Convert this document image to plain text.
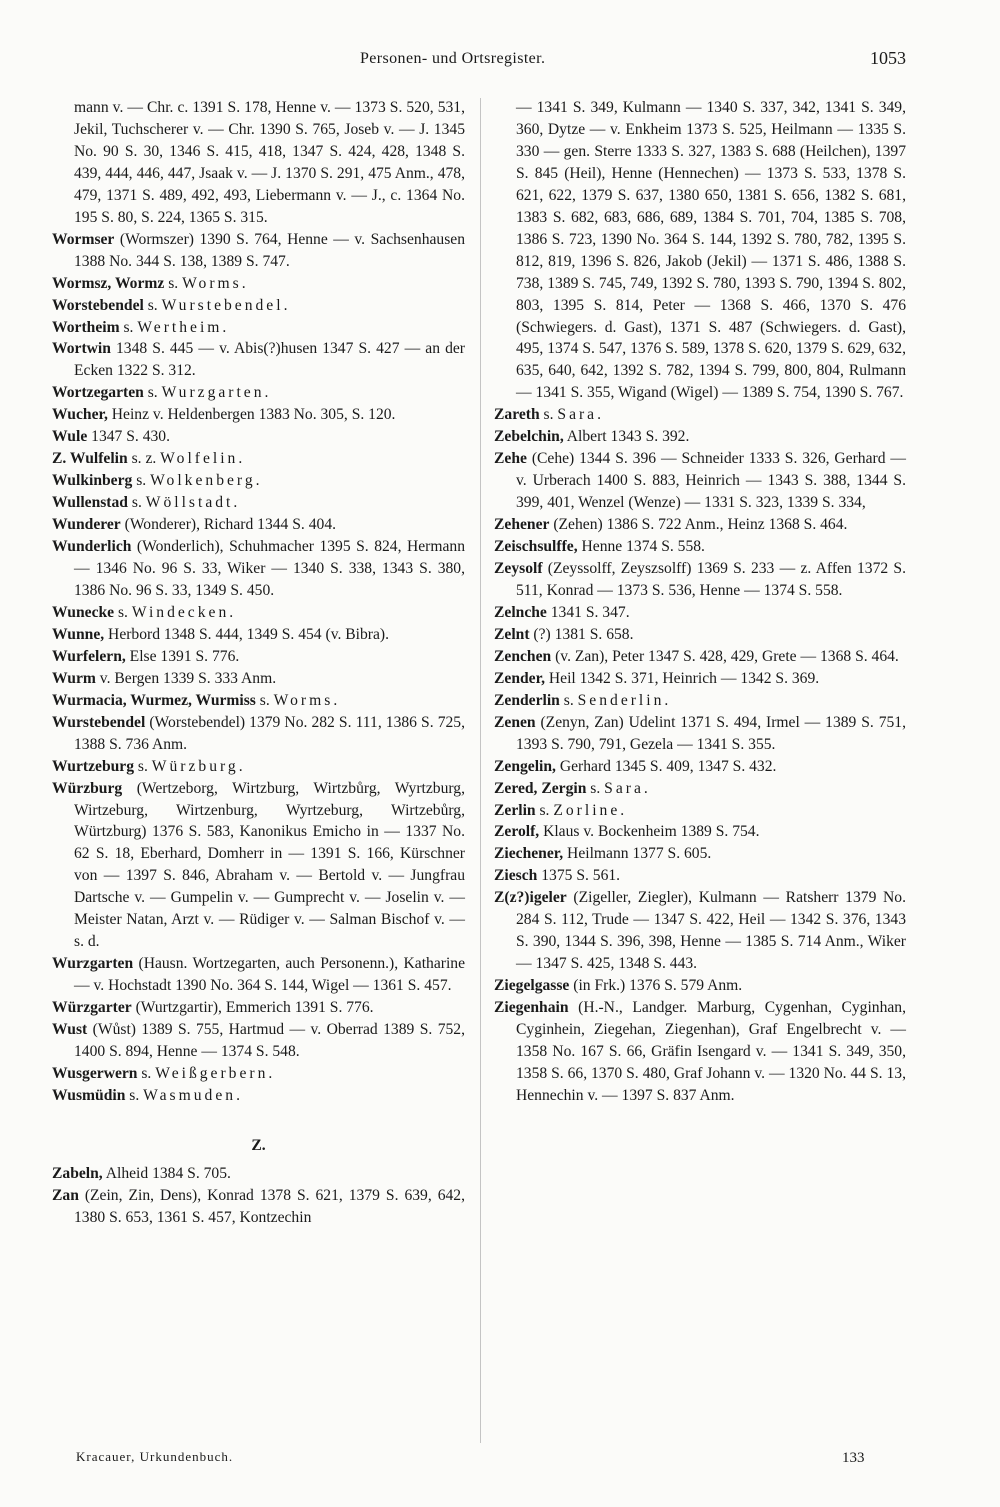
Personen- und Ortsregister.	1053

mann v. — Chr. c. 1391 S. 178, Henne v. — 1373 S. 520, 531, Jekil, Tuchscherer v. — Chr. 1390 S. 765, Joseb v. — J. 1345 No. 90 S. 30, 1346 S. 415, 418, 1347 S. 424, 428, 1348 S. 439, 444, 446, 447, Jsaak v. — J. 1370 S. 291, 475 Anm., 478, 479, 1371 S. 489, 492, 493, Liebermann v. — J., c. 1364 No. 195 S. 80, S. 224, 1365 S. 315.

Wormser (Wormszer) 1390 S. 764, Henne — v. Sachsenhausen 1388 No. 344 S. 138, 1389 S. 747.

Wormsz, Wormz s. Worms.

Worstebendel s. Wurstebendel.

Wortheim s. Wertheim.

Wortwin 1348 S. 445 — v. Abis(?)husen 1347 S. 427 — an der Ecken 1322 S. 312.

Wortzegarten s. Wurzgarten.

Wucher, Heinz v. Heldenbergen 1383 No. 305, S. 120.

Wule 1347 S. 430.

Z. Wulfelin s. z. Wolfelin.

Wulkinberg s. Wolkenberg.

Wullenstad s. Wöllstadt.

Wunderer (Wonderer), Richard 1344 S. 404.

Wunderlich (Wonderlich), Schuhmacher 1395 S. 824, Hermann — 1346 No. 96 S. 33, Wiker — 1340 S. 338, 1343 S. 380, 1386 No. 96 S. 33, 1349 S. 450.

Wunecke s. Windecken.

Wunne, Herbord 1348 S. 444, 1349 S. 454 (v. Bibra).

Wurfelern, Else 1391 S. 776.

Wurm v. Bergen 1339 S. 333 Anm.

Wurmacia, Wurmez, Wurmiss s. Worms.

Wurstebendel (Worstebendel) 1379 No. 282 S. 111, 1386 S. 725, 1388 S. 736 Anm.

Wurtzeburg s. Würzburg.

Würzburg (Wertzeborg, Wirtzburg, Wirtzbůrg, Wyrtzburg, Wirtzeburg, Wirtzenburg, Wyrtzeburg, Wirtzebůrg, Würtzburg) 1376 S. 583, Kanonikus Emicho in — 1337 No. 62 S. 18, Eberhard, Domherr in — 1391 S. 166, Kürschner von — 1397 S. 846, Abraham v. — Bertold v. — Jungfrau Dartsche v. — Gumpelin v. — Gumprecht v. — Joselin v. — Meister Natan, Arzt v. — Rüdiger v. — Salman Bischof v. — s. d.

Wurzgarten (Hausn. Wortzegarten, auch Personenn.), Katharine — v. Hochstadt 1390 No. 364 S. 144, Wigel — 1361 S. 457.

Würzgarter (Wurtzgartir), Emmerich 1391 S. 776.

Wust (Wůst) 1389 S. 755, Hartmud — v. Oberrad 1389 S. 752, 1400 S. 894, Henne — 1374 S. 548.

Wusgerwern s. Weißgerbern.

Wusmüdin s. Wasmuden.

Z.

Zabeln, Alheid 1384 S. 705.

Zan (Zein, Zin, Dens), Konrad 1378 S. 621, 1379 S. 639, 642, 1380 S. 653, 1361 S. 457, Kontzechin

— 1341 S. 349, Kulmann — 1340 S. 337, 342, 1341 S. 349, 360, Dytze — v. Enkheim 1373 S. 525, Heilmann — 1335 S. 330 — gen. Sterre 1333 S. 327, 1383 S. 688 (Heilchen), 1397 S. 845 (Heil), Henne (Hennechen) — 1373 S. 533, 1378 S. 621, 622, 1379 S. 637, 1380 650, 1381 S. 656, 1382 S. 681, 1383 S. 682, 683, 686, 689, 1384 S. 701, 704, 1385 S. 708, 1386 S. 723, 1390 No. 364 S. 144, 1392 S. 780, 782, 1395 S. 812, 819, 1396 S. 826, Jakob (Jekil) — 1371 S. 486, 1388 S. 738, 1389 S. 745, 749, 1392 S. 780, 1393 S. 790, 1394 S. 802, 803, 1395 S. 814, Peter — 1368 S. 466, 1370 S. 476 (Schwiegers. d. Gast), 1371 S. 487 (Schwiegers. d. Gast), 495, 1374 S. 547, 1376 S. 589, 1378 S. 620, 1379 S. 629, 632, 635, 640, 642, 1392 S. 782, 1394 S. 799, 800, 804, Rulmann — 1341 S. 355, Wigand (Wigel) — 1389 S. 754, 1390 S. 767.

Zareth s. Sara.

Zebelchin, Albert 1343 S. 392.

Zehe (Cehe) 1344 S. 396 — Schneider 1333 S. 326, Gerhard — v. Urberach 1400 S. 883, Heinrich — 1343 S. 388, 1344 S. 399, 401, Wenzel (Wenze) — 1331 S. 323, 1339 S. 334,

Zehener (Zehen) 1386 S. 722 Anm., Heinz 1368 S. 464.

Zeischsulffe, Henne 1374 S. 558.

Zeysolf (Zeyssolff, Zeyszsolff) 1369 S. 233 — z. Affen 1372 S. 511, Konrad — 1373 S. 536, Henne — 1374 S. 558.

Zelnche 1341 S. 347.

Zelnt (?) 1381 S. 658.

Zenchen (v. Zan), Peter 1347 S. 428, 429, Grete — 1368 S. 464.

Zender, Heil 1342 S. 371, Heinrich — 1342 S. 369.

Zenderlin s. Senderlin.

Zenen (Zenyn, Zan) Udelint 1371 S. 494, Irmel — 1389 S. 751, 1393 S. 790, 791, Gezela — 1341 S. 355.

Zengelin, Gerhard 1345 S. 409, 1347 S. 432.

Zered, Zergin s. Sara.

Zerlin s. Zorline.

Zerolf, Klaus v. Bockenheim 1389 S. 754.

Ziechener, Heilmann 1377 S. 605.

Ziesch 1375 S. 561.

Z(z?)igeler (Zigeller, Ziegler), Kulmann — Ratsherr 1379 No. 284 S. 112, Trude — 1347 S. 422, Heil — 1342 S. 376, 1343 S. 390, 1344 S. 396, 398, Henne — 1385 S. 714 Anm., Wiker — 1347 S. 425, 1348 S. 443.

Ziegelgasse (in Frk.) 1376 S. 579 Anm.

Ziegenhain (H.-N., Landger. Marburg, Cygenhan, Cyginhan, Cyginhein, Ziegehan, Ziegenhan), Graf Engelbrecht v. — 1358 No. 167 S. 66, Gräfin Isengard v. — 1341 S. 349, 350, 1358 S. 66, 1370 S. 480, Graf Johann v. — 1320 No. 44 S. 13, Hennechin v. — 1397 S. 837 Anm.

Kracauer, Urkundenbuch.	133
